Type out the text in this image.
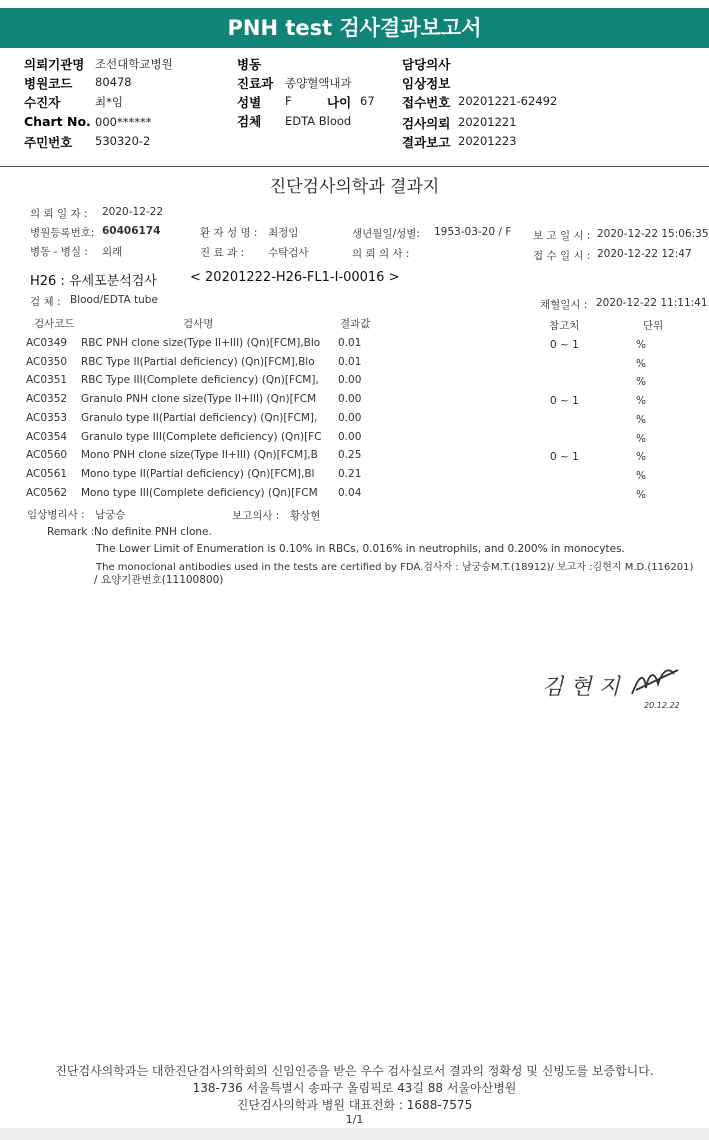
PNH test 검사결과보고서
의뢰기관명 조선대학교병원
병원코드 80478
수진자	최*임
Chart No. 000******
주민번호 530320-2
병동
진료과 종양혈액내과
성별 F	나이 67
검체 EDTA Blood
담당의사
임상정보
접수번호 20201221-62492
검사의뢰 20201221
결과보고 20201223
진단검사의학과 결과지
의 뢰 일 자 : 2020-12-22
병원등록번호: 60406174	환 자 성 명 : 최정임	생년월일/성별: 1953-03-20 / F 보 고 일 시 : 2020-12-22 15:06:35
병동 - 병실 : 외래	진 료 과 : 수탁검사	의 뢰 의 사 :	접 수 일 시 : 2020-12-22 12:47
H26 : 유세포분석검사	< 20201222-H26-FL1-I-00016 >
검 체 : Blood/EDTA tube	채혈일시 : 2020-12-22 11:11:41
검사코드	검사명	결과값	참고치	단위
AC0349 RBC PNH clone size(Type II+III) (Qn)[FCM],Blo 0.01	0 ~ 1	%
AC0350 RBC Type II(Partial deficiency) (Qn)[FCM],Blo 0.01	%
AC0351 RBC Type III(Complete deficiency) (Qn)[FCM], 0.00	%
AC0352 Granulo PNH clone size(Type II+III) (Qn)[FCM 0.00	0 ~ 1	%
AC0353 Granulo type II(Partial deficiency) (Qn)[FCM], 0.00	%
AC0354 Granulo type III(Complete deficiency) (Qn)[FC 0.00	%
AC0560 Mono PNH clone size(Type II+III) (Qn)[FCM],B 0.25	0 ~ 1	%
AC0561 Mono type II(Partial deficiency) (Qn)[FCM],Bl 0.21	%
AC0562 Mono type III(Complete deficiency) (Qn)[FCM 0.04	%
임상병리사 : 남궁승	보고의사 : 황상현
Remark : No definite PNH clone.
The Lower Limit of Enumeration is 0.10% in RBCs, 0.016% in neutrophils, and 0.200% in monocytes.
The monoclonal antibodies used in the tests are certified by FDA.검사자 : 남궁승M.T.(18912)/ 보고자 :김현지 M.D.(116201)
/ 요양기관번호(11100800)
김 현 지
20.12.22
진단검사의학과는 대한진단검사의학회의 신임인증을 받은 우수 검사실로서 결과의 정확성 및 신빙도를 보증합니다.
138-736 서울특별시 송파구 올림픽로 43길 88 서울아산병원
진단검사의학과 병원 대표전화 : 1688-7575
1/1
